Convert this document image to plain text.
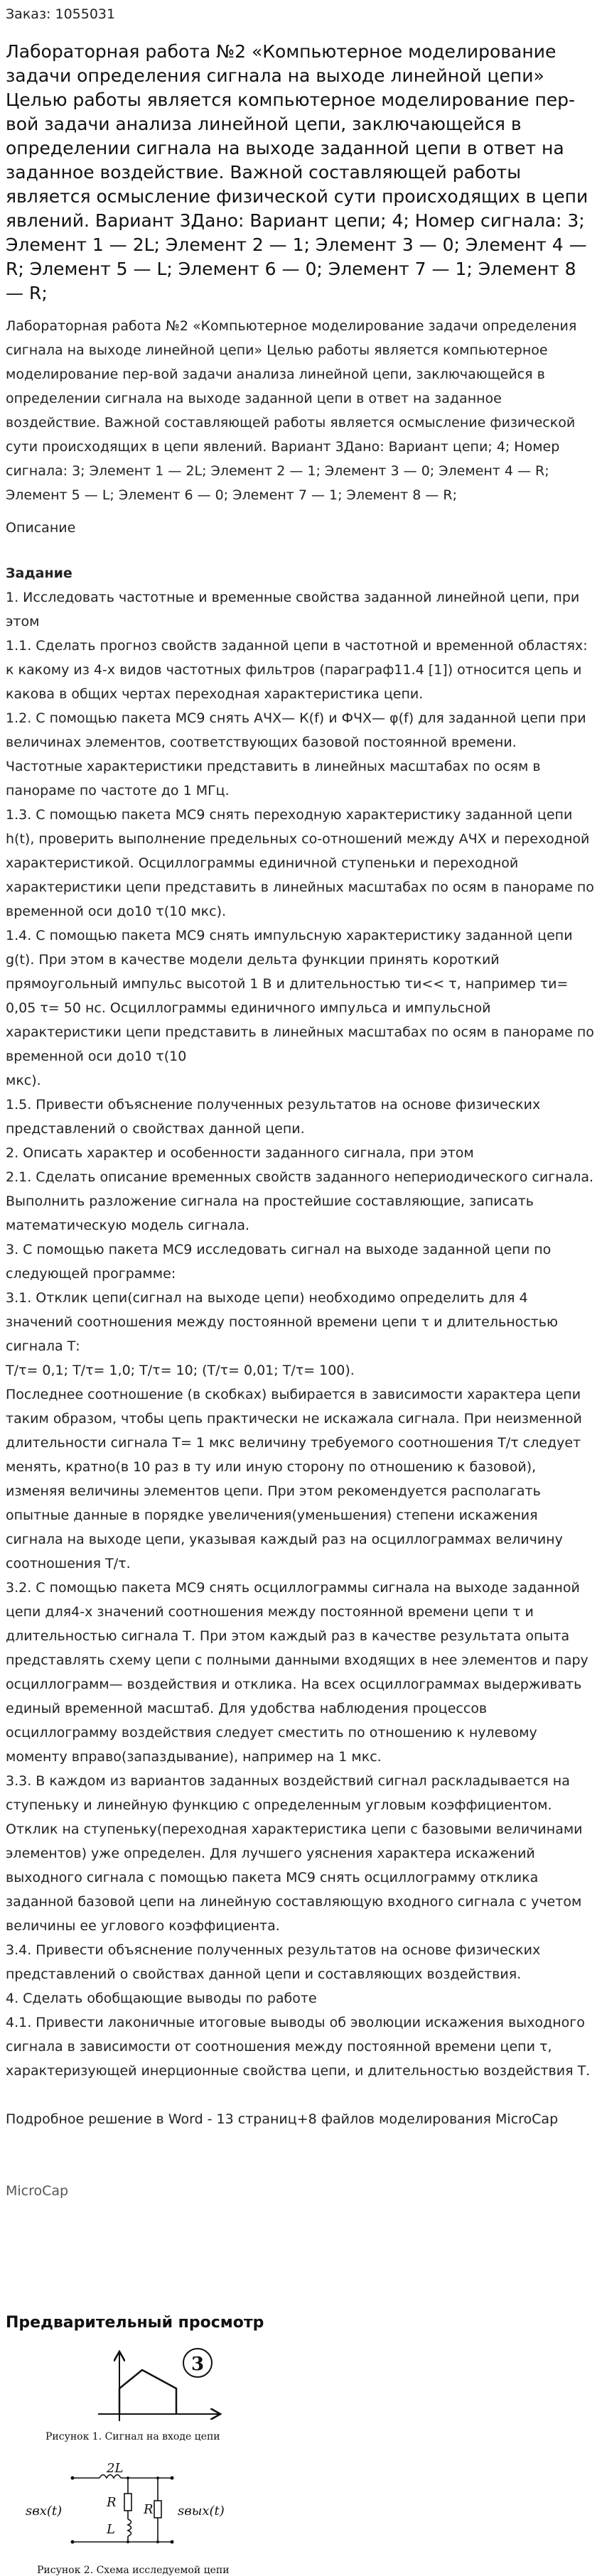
Заказ: 1055031
Лабораторная работа №2 «Компьютерное моделирование задачи определения сигнала на выходе линейной цепи» Целью работы является компьютерное моделирование пер-вой задачи анализа линейной цепи, заключающейся в определении сигнала на выходе заданной цепи в ответ на заданное воздействие. Важной составляющей работы является осмысление физической сути происходящих в цепи явлений. Вариант 3Дано: Вариант цепи; 4; Номер сигнала: 3; Элемент 1 — 2L; Элемент 2 — 1; Элемент 3 — 0; Элемент 4 — R; Элемент 5 — L; Элемент 6 — 0; Элемент 7 — 1; Элемент 8 — R;
Лабораторная работа №2 «Компьютерное моделирование задачи определения сигнала на выходе линейной цепи» Целью работы является компьютерное моделирование пер-вой задачи анализа линейной цепи, заключающейся в определении сигнала на выходе заданной цепи в ответ на заданное воздействие. Важной составляющей работы является осмысление физической сути происходящих в цепи явлений. Вариант 3Дано: Вариант цепи; 4; Номер сигнала: 3; Элемент 1 — 2L; Элемент 2 — 1; Элемент 3 — 0; Элемент 4 — R; Элемент 5 — L; Элемент 6 — 0; Элемент 7 — 1; Элемент 8 — R;
Описание
Задание
1. Исследовать частотные и временные свойства заданной линейной цепи, при этом
1.1. Сделать прогноз свойств заданной цепи в частотной и временной областях: к какому из 4-х видов частотных фильтров (параграф11.4 [1]) относится цепь и какова в общих чертах переходная характеристика цепи.
1.2. С помощью пакета МС9 снять АЧХ— К(f) и ФЧХ— φ(f) для заданной цепи при величинах элементов, соответствующих базовой постоянной времени. Частотные характеристики представить в линейных масштабах по осям в панораме по частоте до 1 МГц.
1.3. С помощью пакета МС9 снять переходную характеристику заданной цепи h(t), проверить выполнение предельных со-отношений между АЧХ и переходной характеристикой. Осциллограммы единичной ступеньки и переходной характеристики цепи представить в линейных масштабах по осям в панораме по временной оси до10 τ(10 мкс).
1.4. С помощью пакета МС9 снять импульсную характеристику заданной цепи g(t). При этом в качестве модели дельта функции принять короткий прямоугольный импульс высотой 1 В и длительностью τи<< τ, например τи= 0,05 τ= 50 нс. Осциллограммы единичного импульса и импульсной характеристики цепи представить в линейных масштабах по осям в панораме по временной оси до10 τ(10
мкс).
1.5. Привести объяснение полученных результатов на основе физических представлений о свойствах данной цепи.
2. Описать характер и особенности заданного сигнала, при этом
2.1. Сделать описание временных свойств заданного непериодического сигнала. Выполнить разложение сигнала на простейшие составляющие, записать математическую модель сигнала.
3. С помощью пакета МС9 исследовать сигнал на выходе заданной цепи по следующей программе:
3.1. Отклик цепи(сигнал на выходе цепи) необходимо определить для 4 значений соотношения между постоянной времени цепи τ и длительностью сигнала Т:
Т/τ= 0,1; Т/τ= 1,0; Т/τ= 10; (Т/τ= 0,01; Т/τ= 100).
Последнее соотношение (в скобках) выбирается в зависимости характера цепи таким образом, чтобы цепь практически не искажала сигнала. При неизменной длительности сигнала Т= 1 мкс величину требуемого соотношения Т/τ следует менять, кратно(в 10 раз в ту или иную сторону по отношению к базовой), изменяя величины элементов цепи. При этом рекомендуется располагать опытные данные в порядке увеличения(уменьшения) степени искажения сигнала на выходе цепи, указывая каждый раз на осциллограммах величину соотношения Т/τ.
3.2. С помощью пакета МС9 снять осциллограммы сигнала на выходе заданной цепи для4-х значений соотношения между постоянной времени цепи τ и длительностью сигнала Т. При этом каждый раз в качестве результата опыта представлять схему цепи с полными данными входящих в нее элементов и пару осциллограмм— воздействия и отклика. На всех осциллограммах выдерживать единый временной масштаб. Для удобства наблюдения процессов осциллограмму воздействия следует сместить по отношению к нулевому моменту вправо(запаздывание), например на 1 мкс.
3.3. В каждом из вариантов заданных воздействий сигнал раскладывается на ступеньку и линейную функцию с определенным угловым коэффициентом. Отклик на ступеньку(переходная характеристика цепи с базовыми величинами элементов) уже определен. Для лучшего уяснения характера искажений выходного сигнала с помощью пакета МС9 снять осциллограмму отклика заданной базовой цепи на линейную составляющую входного сигнала с учетом величины ее углового коэффициента.
3.4. Привести объяснение полученных результатов на основе физических представлений о свойствах данной цепи и составляющих воздействия.
4. Сделать обобщающие выводы по работе
4.1. Привести лаконичные итоговые выводы об эволюции искажения выходного сигнала в зависимости от соотношения между постоянной времени цепи τ, характеризующей инерционные свойства цепи, и длительностью воздействия Т.
Подробное решение в Word - 13 страниц+8 файлов моделирования MicroCap
MicroCap
Предварительный просмотр
3
Рисунок 1. Сигнал на входе цепи
2L
R
L
R
sвх(t)	sвых(t)
Рисунок 2. Схема исследуемой цепи
